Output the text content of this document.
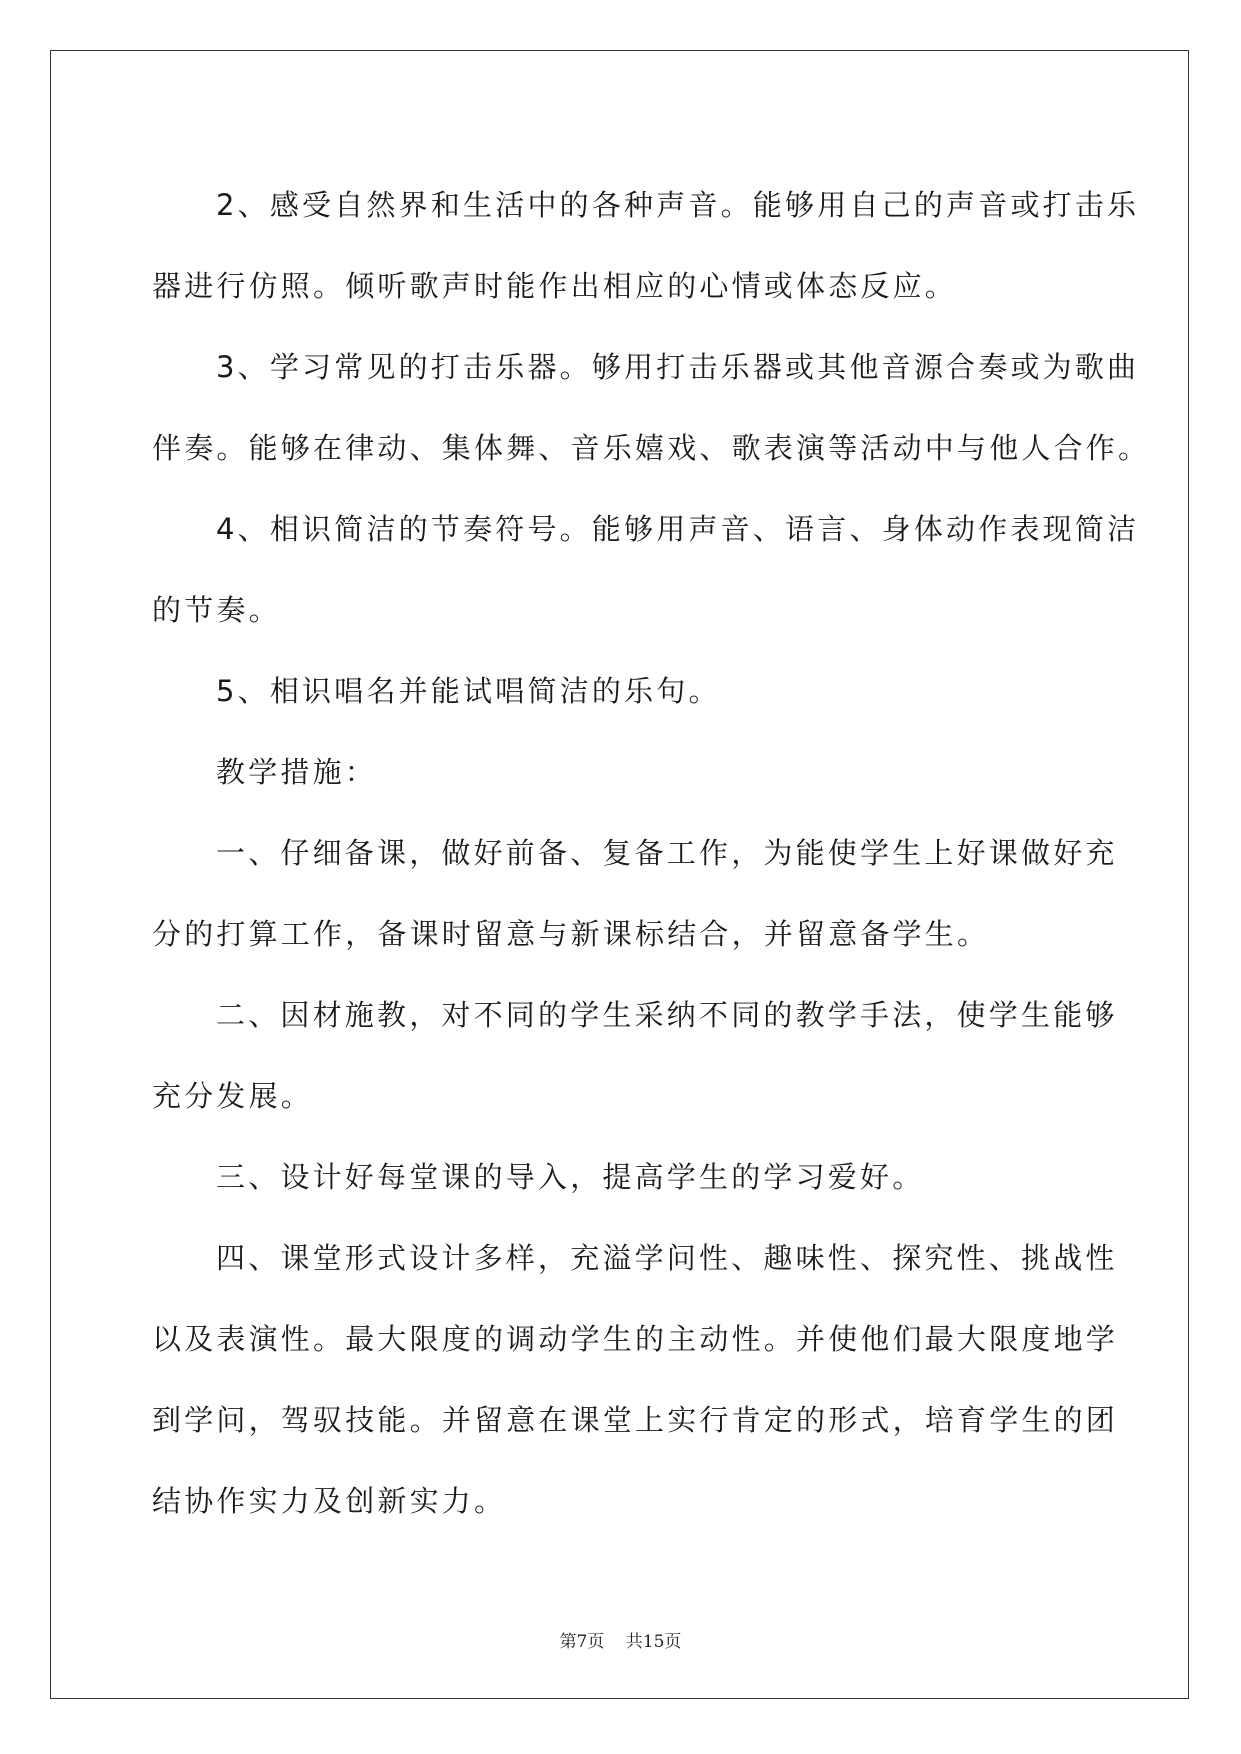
2、感受自然界和生活中的各种声音。能够用自己的声音或打击乐
器进行仿照。倾听歌声时能作出相应的心情或体态反应。

3、学习常见的打击乐器。够用打击乐器或其他音源合奏或为歌曲
伴奏。能够在律动、集体舞、音乐嬉戏、歌表演等活动中与他人合作。

4、相识简洁的节奏符号。能够用声音、语言、身体动作表现简洁
的节奏。

5、相识唱名并能试唱简洁的乐句。

教学措施：

一、仔细备课，做好前备、复备工作，为能使学生上好课做好充
分的打算工作，备课时留意与新课标结合，并留意备学生。

二、因材施教，对不同的学生采纳不同的教学手法，使学生能够
充分发展。

三、设计好每堂课的导入，提高学生的学习爱好。

四、课堂形式设计多样，充溢学问性、趣味性、探究性、挑战性
以及表演性。最大限度的调动学生的主动性。并使他们最大限度地学
到学问，驾驭技能。并留意在课堂上实行肯定的形式，培育学生的团
结协作实力及创新实力。

第7页 共15页
